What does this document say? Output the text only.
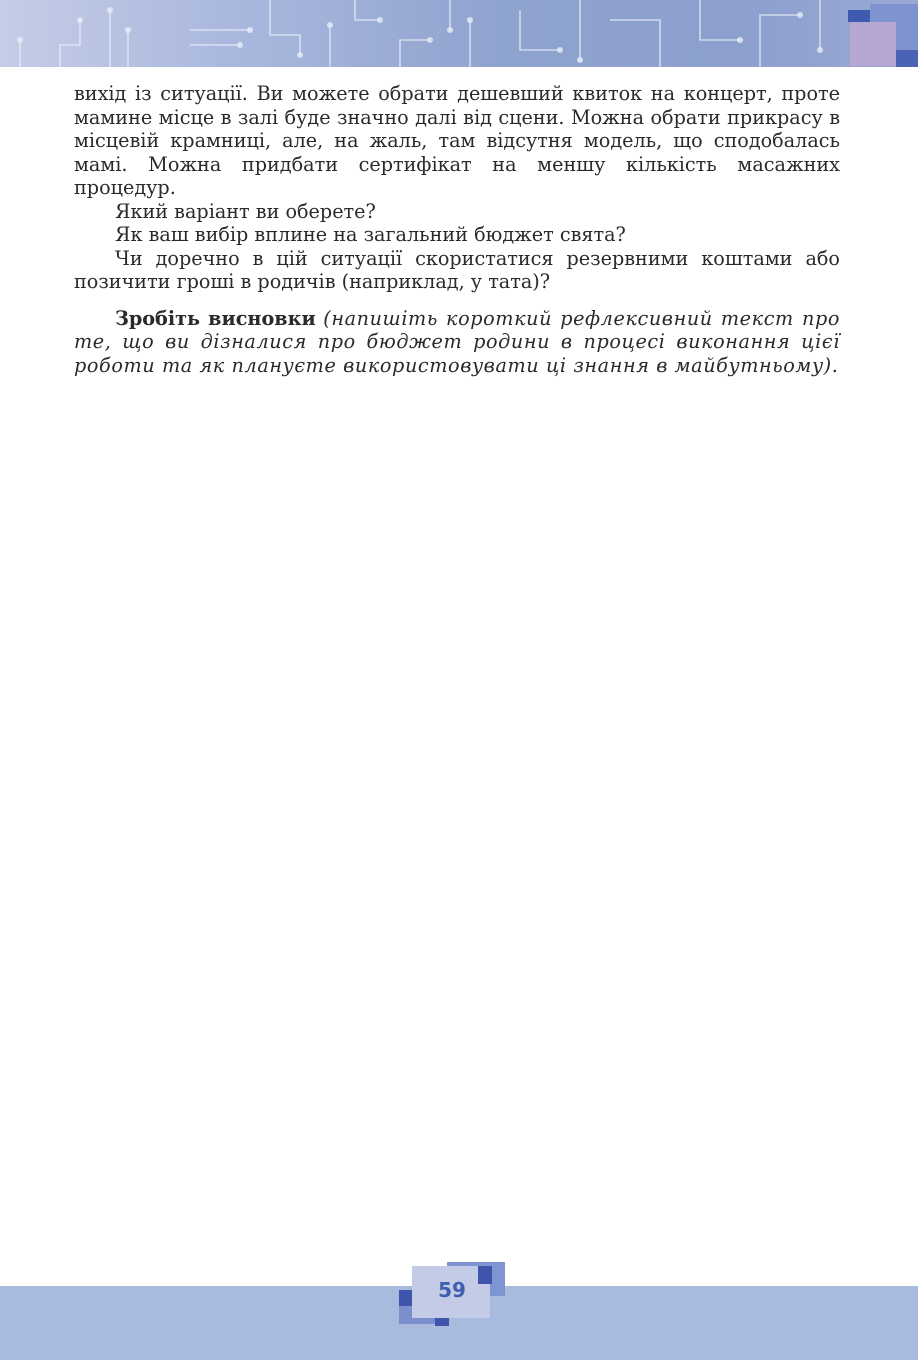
вихід із ситуації. Ви можете обрати дешевший квиток на концерт, проте мамине місце в залі буде значно далі від сцени. Можна обрати прикрасу в місцевій крамниці, але, на жаль, там відсутня модель, що сподобалась мамі. Можна придбати сертифікат на меншу кількість масажних процедур.

Який варіант ви оберете?

Як ваш вибір вплине на загальний бюджет свята?

Чи доречно в цій ситуації скористатися резервними коштами або позичити гроші в родичів (наприклад, у тата)?

Зробіть висновки (напишіть короткий рефлексивний текст про те, що ви дізналися про бюджет родини в процесі виконання цієї роботи та як плануєте використовувати ці знання в майбутньому).

59
